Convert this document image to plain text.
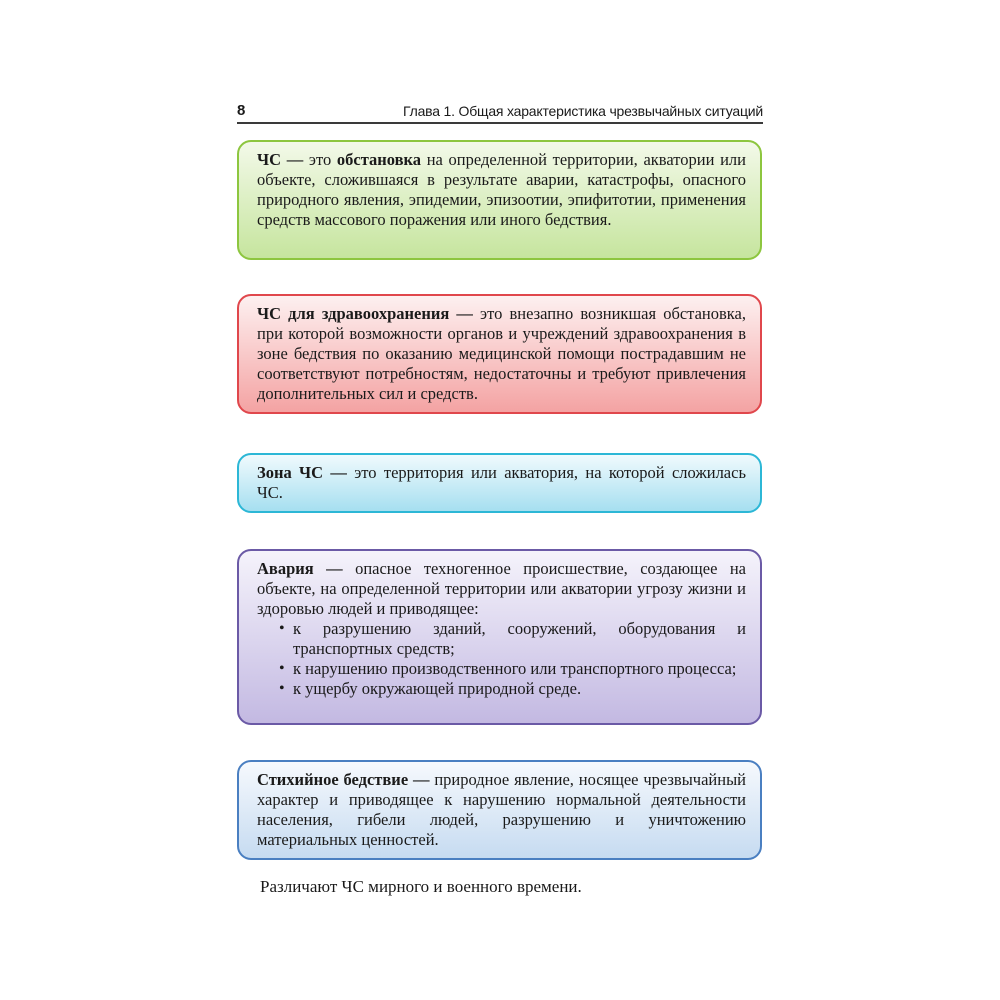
8	Глава 1. Общая характеристика чрезвычайных ситуаций
ЧС — это обстановка на определенной территории, акватории или объекте, сложившаяся в результате аварии, катастрофы, опасного природного явления, эпидемии, эпизоотии, эпифитотии, применения средств массового поражения или иного бедствия.
ЧС для здравоохранения — это внезапно возникшая обстановка, при которой возможности органов и учреждений здравоохранения в зоне бедствия по оказанию медицинской помощи пострадавшим не соответствуют потребностям, недостаточны и требуют привлечения дополнительных сил и средств.
Зона ЧС — это территория или акватория, на которой сложилась ЧС.
Авария — опасное техногенное происшествие, создающее на объекте, на определенной территории или акватории угрозу жизни и здоровью людей и приводящее:
• к разрушению зданий, сооружений, оборудования и транспортных средств;
• к нарушению производственного или транспортного процесса;
• к ущербу окружающей природной среде.
Стихийное бедствие — природное явление, носящее чрезвычайный характер и приводящее к нарушению нормальной деятельности населения, гибели людей, разрушению и уничтожению материальных ценностей.
Различают ЧС мирного и военного времени.
